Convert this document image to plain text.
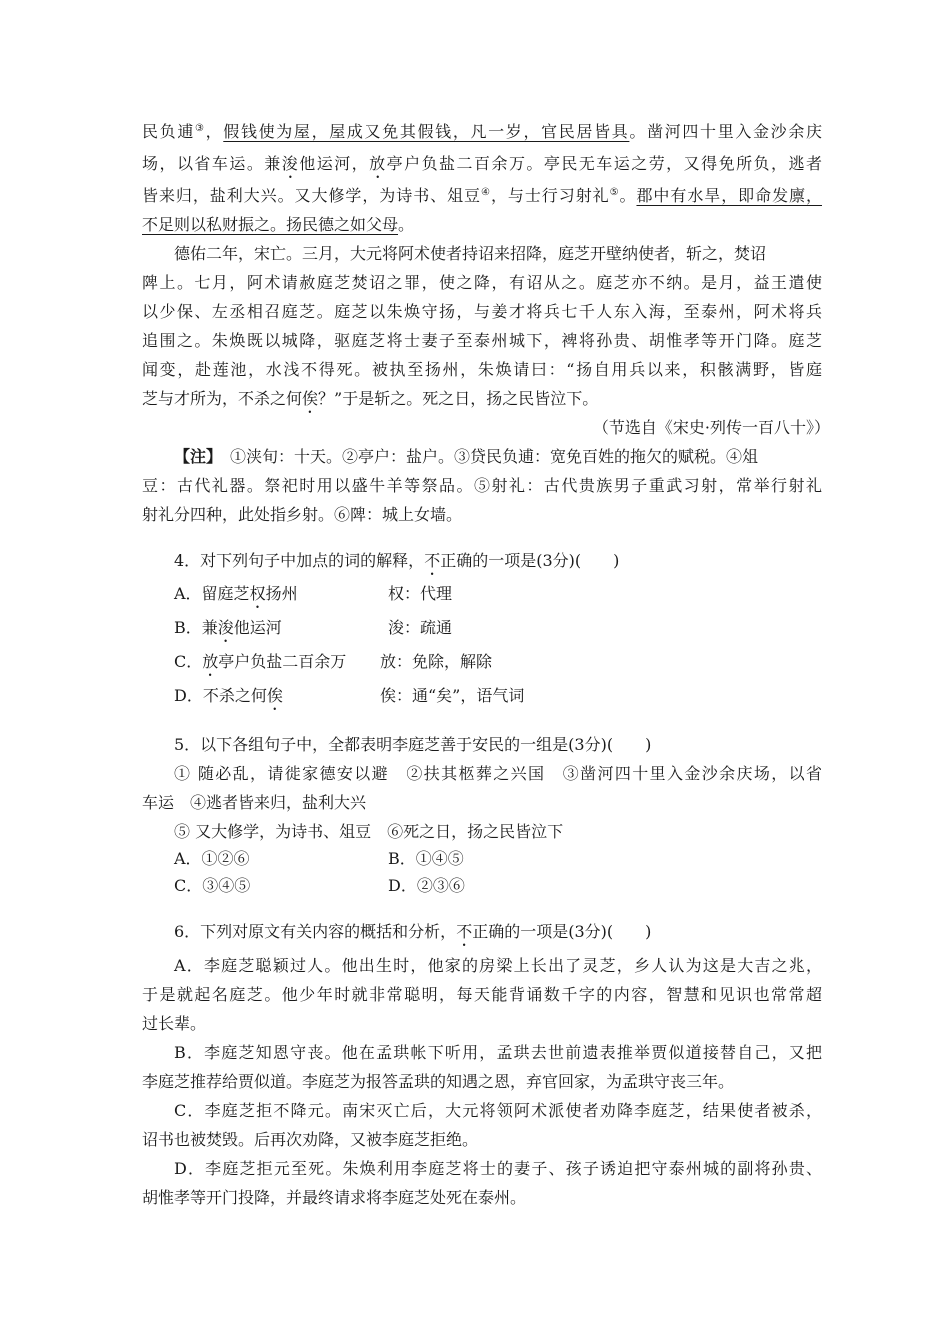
民负逋③，假钱使为屋，屋成又免其假钱，凡一岁，官民居皆具。凿河四十里入金沙余庆
场，以省车运。兼浚他运河，放亭户负盐二百余万。亭民无车运之劳，又得免所负，逃者
皆来归，盐利大兴。又大修学，为诗书、俎豆④，与士行习射礼⑤。郡中有水旱，即命发廪，
不足则以私财振之。扬民德之如父母。
德佑二年，宋亡。三月，大元将阿术使者持诏来招降，庭芝开壁纳使者，斩之，焚诏
陴上。七月，阿术请赦庭芝焚诏之罪，使之降，有诏从之。庭芝亦不纳。是月，益王遣使
以少保、左丞相召庭芝。庭芝以朱焕守扬，与姜才将兵七千人东入海，至泰州，阿术将兵
追围之。朱焕既以城降，驱庭芝将士妻子至泰州城下，裨将孙贵、胡惟孝等开门降。庭芝
闻变，赴莲池，水浅不得死。被执至扬州，朱焕请曰：“扬自用兵以来，积骸满野，皆庭
芝与才所为，不杀之何俟？”于是斩之。死之日，扬之民皆泣下。
（节选自《宋史·列传一百八十》）
【注】　 ①浃旬：十天。②亭户：盐户。③贷民负逋：宽免百姓的拖欠的赋税。④俎
豆：古代礼器。祭祀时用以盛牛羊等祭品。⑤射礼：古代贵族男子重武习射，常举行射礼
射礼分四种，此处指乡射。⑥陴：城上女墙。
4．对下列句子中加点的词的解释，不正确的一项是(3分)(　　)
A．留庭芝权扬州	权：代理
B．兼浚他运河	浚：疏通
C．放亭户负盐二百余万 放：免除，解除
D．不杀之何俟	俟：通“矣”，语气词
5．以下各组句子中，全都表明李庭芝善于安民的一组是(3分)(　　)
① 随必乱，请徙家德安以避　②扶其柩葬之兴国　③凿河四十里入金沙余庆场，以省
车运　④逃者皆来归，盐利大兴
⑤ 又大修学，为诗书、俎豆　⑥死之日，扬之民皆泣下
A．①②⑥	B．①④⑤
C．③④⑤	D．②③⑥
6．下列对原文有关内容的概括和分析，不正确的一项是(3分)(　　)
A．李庭芝聪颖过人。他出生时，他家的房梁上长出了灵芝，乡人认为这是大吉之兆，
于是就起名庭芝。他少年时就非常聪明，每天能背诵数千字的内容，智慧和见识也常常超
过长辈。
B．李庭芝知恩守丧。他在孟珙帐下听用，孟珙去世前遗表推举贾似道接替自己，又把
李庭芝推荐给贾似道。李庭芝为报答孟珙的知遇之恩，弃官回家，为孟珙守丧三年。
C．李庭芝拒不降元。南宋灭亡后，大元将领阿术派使者劝降李庭芝，结果使者被杀，
诏书也被焚毁。后再次劝降，又被李庭芝拒绝。
D．李庭芝拒元至死。朱焕利用李庭芝将士的妻子、孩子诱迫把守泰州城的副将孙贵、
胡惟孝等开门投降，并最终请求将李庭芝处死在泰州。
